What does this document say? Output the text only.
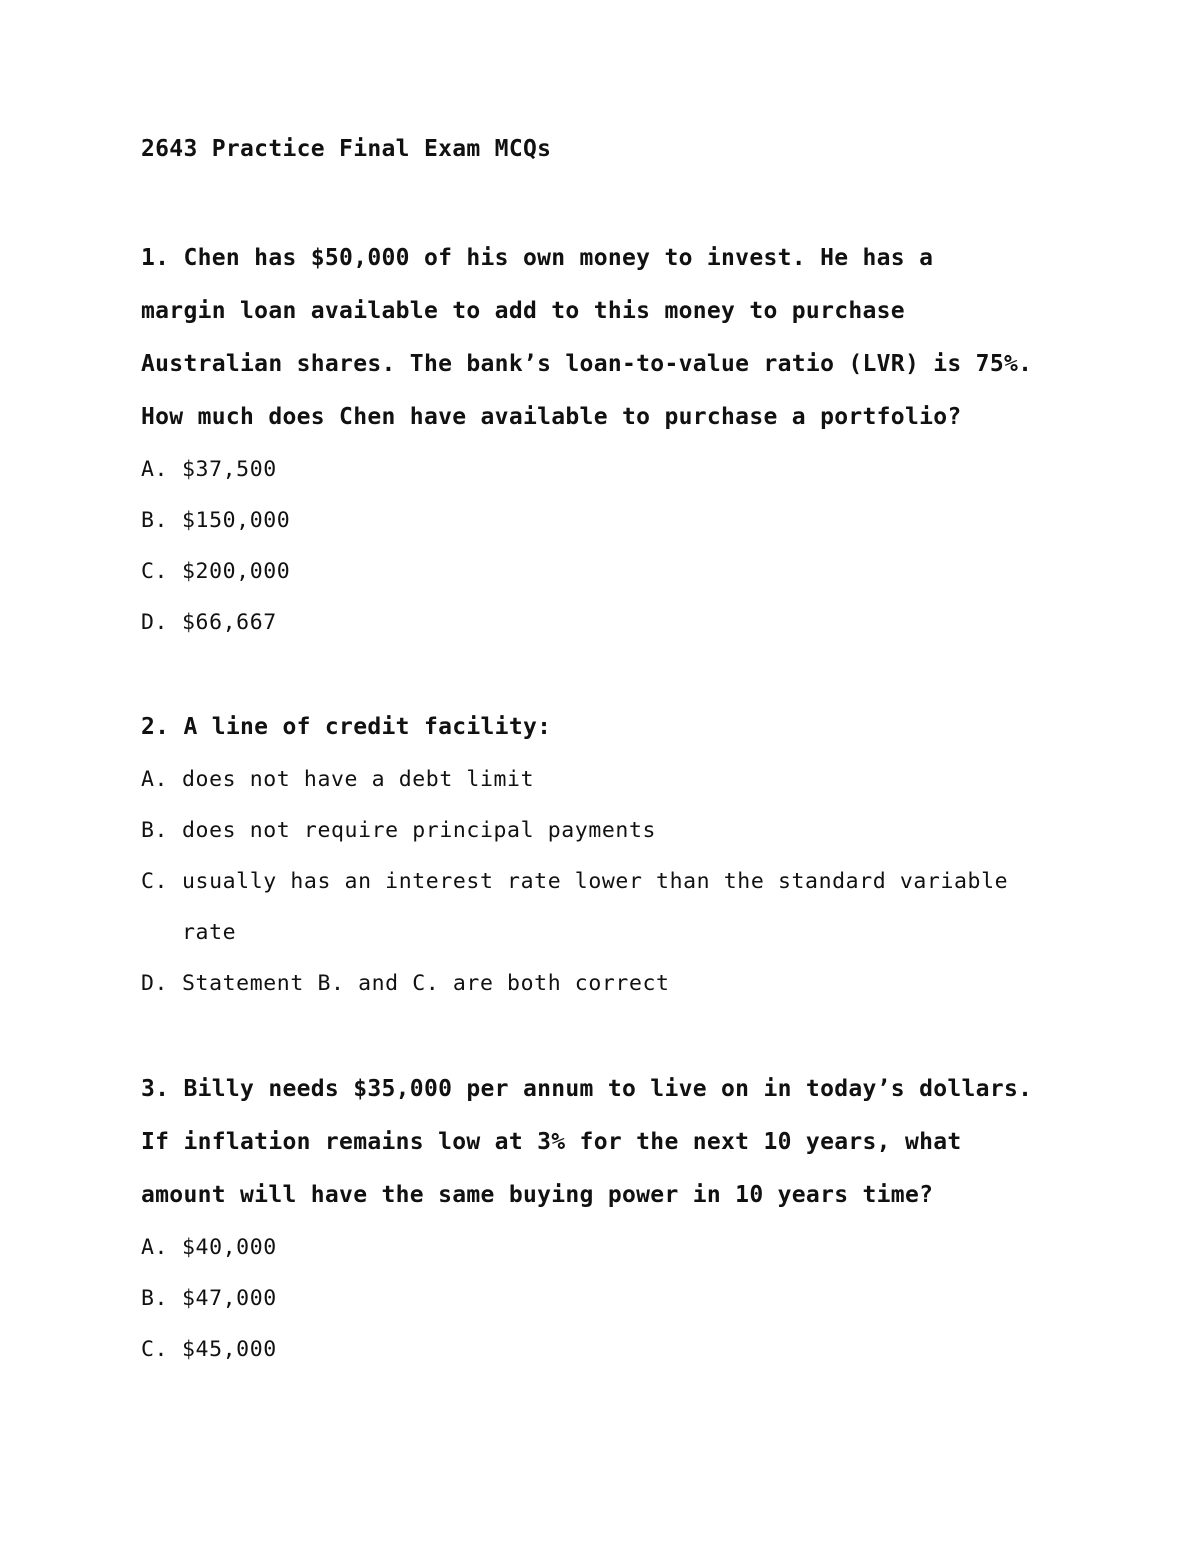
2643 Practice Final Exam MCQs
1. Chen has $50,000 of his own money to invest. He has a
margin loan available to add to this money to purchase
Australian shares. The bank’s loan-to-value ratio (LVR) is 75%.
How much does Chen have available to purchase a portfolio?
A. $37,500
B. $150,000
C. $200,000
D. $66,667
2. A line of credit facility:
A. does not have a debt limit
B. does not require principal payments
C. usually has an interest rate lower than the standard variable
rate
D. Statement B. and C. are both correct
3. Billy needs $35,000 per annum to live on in today’s dollars.
If inflation remains low at 3% for the next 10 years, what
amount will have the same buying power in 10 years time?
A. $40,000
B. $47,000
C. $45,000
